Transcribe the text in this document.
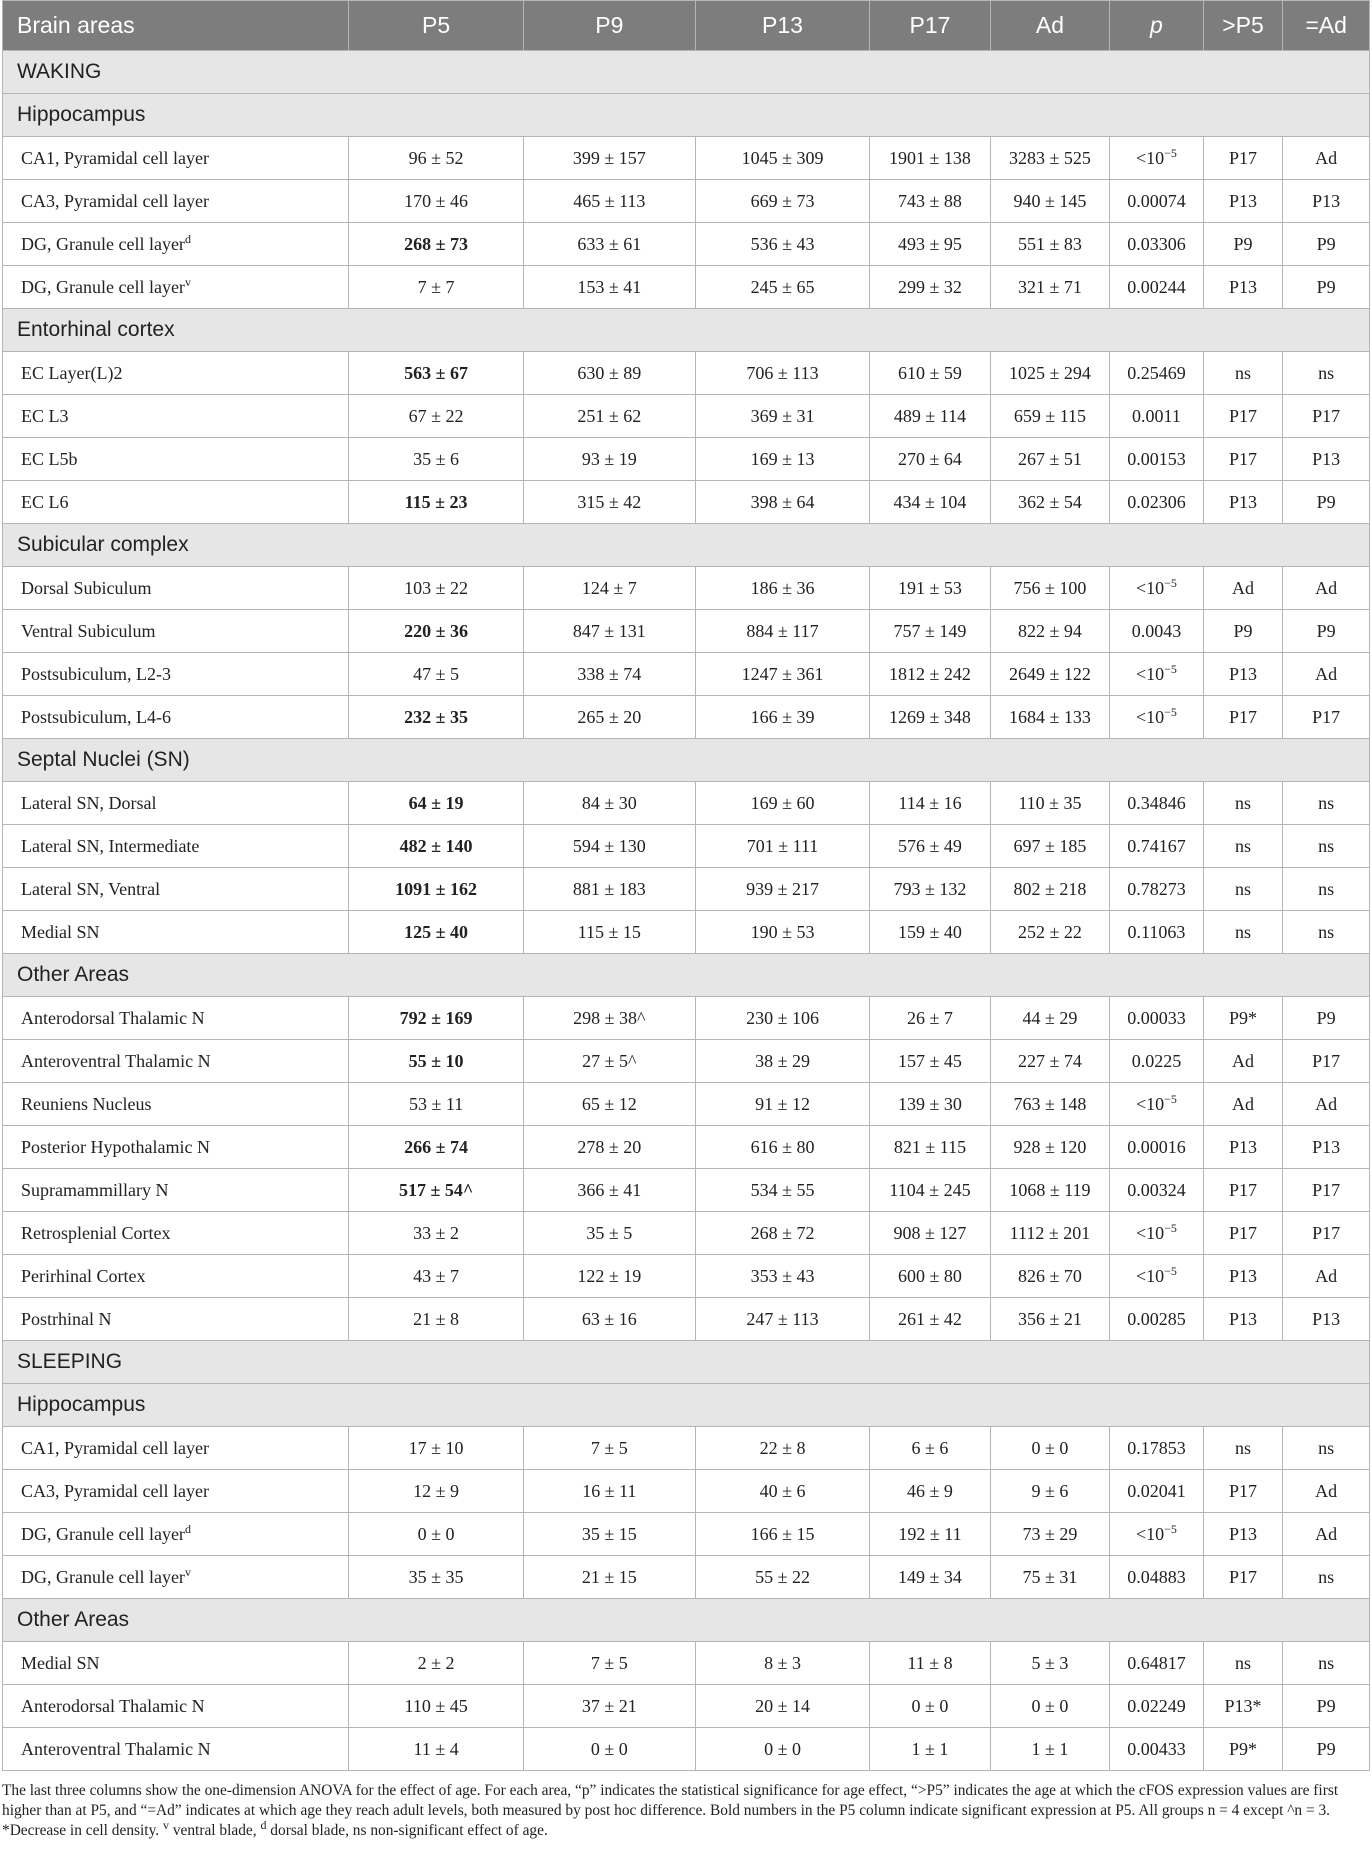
Brain areas	P5	P9	P13	P17	Ad	p	>P5	=Ad
WAKING								
Hippocampus								
CA1, Pyramidal cell layer	96 ± 52	399 ± 157	1045 ± 309	1901 ± 138	3283 ± 525	$<10^{-5}$	P17	Ad
CA3, Pyramidal cell layer	170 ± 46	465 ± 113	669 ± 73	743 ± 88	940 ± 145	0.00074	P13	P13
DG, Granule cell layer$^d$	268 ± 73	633 ± 61	536 ± 43	493 ± 95	551 ± 83	0.03306	P9	P9
DG, Granule cell layer$^v$	7 ± 7	153 ± 41	245 ± 65	299 ± 32	321 ± 71	0.00244	P13	P9
Entorhinal cortex								
EC Layer(L)2	563 ± 67	630 ± 89	706 ± 113	610 ± 59	1025 ± 294	0.25469	ns	ns
EC L3	67 ± 22	251 ± 62	369 ± 31	489 ± 114	659 ± 115	0.0011	P17	P17
EC L5b	35 ± 6	93 ± 19	169 ± 13	270 ± 64	267 ± 51	0.00153	P17	P13
EC L6	115 ± 23	315 ± 42	398 ± 64	434 ± 104	362 ± 54	0.02306	P13	P9
Subicular complex								
Dorsal Subiculum	103 ± 22	124 ± 7	186 ± 36	191 ± 53	756 ± 100	$<10^{-5}$	Ad	Ad
Ventral Subiculum	220 ± 36	847 ± 131	884 ± 117	757 ± 149	822 ± 94	0.0043	P9	P9
Postsubiculum, L2-3	47 ± 5	338 ± 74	1247 ± 361	1812 ± 242	2649 ± 122	$<10^{-5}$	P13	Ad
Postsubiculum, L4-6	232 ± 35	265 ± 20	166 ± 39	1269 ± 348	1684 ± 133	$<10^{-5}$	P17	P17
Septal Nuclei (SN)								
Lateral SN, Dorsal	64 ± 19	84 ± 30	169 ± 60	114 ± 16	110 ± 35	0.34846	ns	ns
Lateral SN, Intermediate	482 ± 140	594 ± 130	701 ± 111	576 ± 49	697 ± 185	0.74167	ns	ns
Lateral SN, Ventral	1091 ± 162	881 ± 183	939 ± 217	793 ± 132	802 ± 218	0.78273	ns	ns
Medial SN	125 ± 40	115 ± 15	190 ± 53	159 ± 40	252 ± 22	0.11063	ns	ns
Other Areas								
Anterodorsal Thalamic N	792 ± 169	298 ± 38^	230 ± 106	26 ± 7	44 ± 29	0.00033	P9*	P9
Anteroventral Thalamic N	55 ± 10	27 ± 5^	38 ± 29	157 ± 45	227 ± 74	0.0225	Ad	P17
Reuniens Nucleus	53 ± 11	65 ± 12	91 ± 12	139 ± 30	763 ± 148	$<10^{-5}$	Ad	Ad
Posterior Hypothalamic N	266 ± 74	278 ± 20	616 ± 80	821 ± 115	928 ± 120	0.00016	P13	P13
Supramammillary N	517 ± 54^	366 ± 41	534 ± 55	1104 ± 245	1068 ± 119	0.00324	P17	P17
Retrosplenial Cortex	33 ± 2	35 ± 5	268 ± 72	908 ± 127	1112 ± 201	$<10^{-5}$	P17	P17
Perirhinal Cortex	43 ± 7	122 ± 19	353 ± 43	600 ± 80	826 ± 70	$<10^{-5}$	P13	Ad
Postrhinal N	21 ± 8	63 ± 16	247 ± 113	261 ± 42	356 ± 21	0.00285	P13	P13
SLEEPING								
Hippocampus								
CA1, Pyramidal cell layer	17 ± 10	7 ± 5	22 ± 8	6 ± 6	0 ± 0	0.17853	ns	ns
CA3, Pyramidal cell layer	12 ± 9	16 ± 11	40 ± 6	46 ± 9	9 ± 6	0.02041	P17	Ad
DG, Granule cell layer$^d$	0 ± 0	35 ± 15	166 ± 15	192 ± 11	73 ± 29	$<10^{-5}$	P13	Ad
DG, Granule cell layer$^v$	35 ± 35	21 ± 15	55 ± 22	149 ± 34	75 ± 31	0.04883	P17	ns
Other Areas								
Medial SN	2 ± 2	7 ± 5	8 ± 3	11 ± 8	5 ± 3	0.64817	ns	ns
Anterodorsal Thalamic N	110 ± 45	37 ± 21	20 ± 14	0 ± 0	0 ± 0	0.02249	P13*	P9
Anteroventral Thalamic N	11 ± 4	0 ± 0	0 ± 0	1 ± 1	1 ± 1	0.00433	P9*	P9
The last three columns show the one-dimension ANOVA for the effect of age. For each area, “p” indicates the statistical significance for age effect, “>P5” indicates the age at which the cFOS expression values are first higher than at P5, and “=Ad” indicates at which age they reach adult levels, both measured by post hoc difference. Bold numbers in the P5 column indicate significant expression at P5. All groups n = 4 except ^n = 3. *Decrease in cell density. $^v$ ventral blade, $^d$ dorsal blade, ns non-significant effect of age.
